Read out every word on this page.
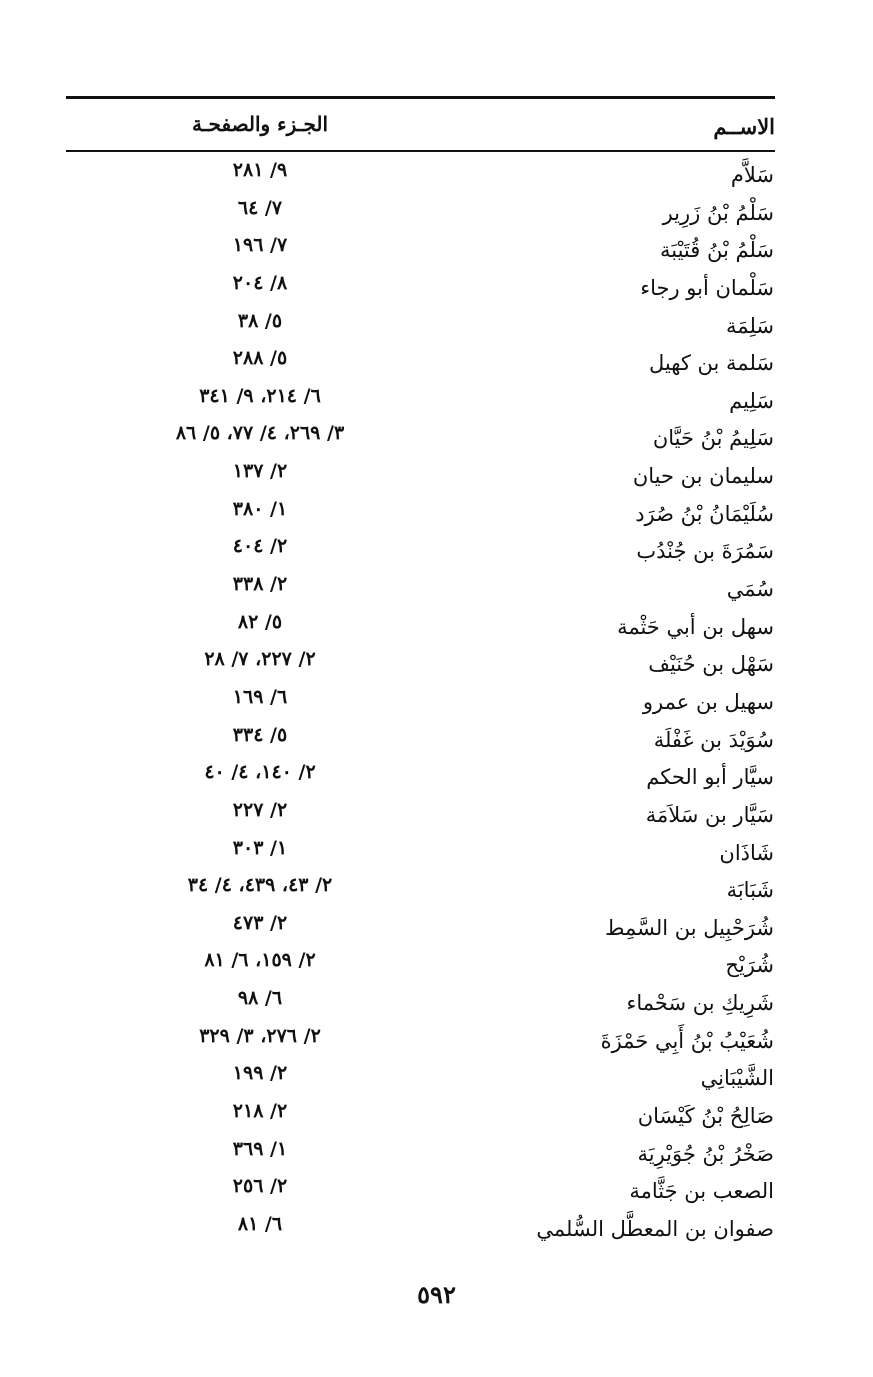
الاســم
الجـزء والصفحـة
سَلاَّم
٩/ ٢٨١
سَلْمُ بْنُ زَرِير
٧/ ٦٤
سَلْمُ بْنُ قُتَيْبَة
٧/ ١٩٦
سَلْمان أبو رجاء
٨/ ٢٠٤
سَلِمَة
٥/ ٣٨
سَلمة بن كهيل
٥/ ٢٨٨
سَلِيم
٦/ ٢١٤، ٩/ ٣٤١
سَلِيمُ بْنُ حَيَّان
٣/ ٢٦٩، ٤/ ٧٧، ٥/ ٨٦
سليمان بن حيان
٢/ ١٣٧
سُلَيْمَانُ بْنُ صُرَد
١/ ٣٨٠
سَمُرَةَ بن جُنْدُب
٢/ ٤٠٤
سُمَي
٢/ ٣٣٨
سهل بن أبي حَثْمة
٥/ ٨٢
سَهْل بن حُنَيْف
٢/ ٢٢٧، ٧/ ٢٨
سهيل بن عمرو
٦/ ١٦٩
سُوَيْدَ بن غَفْلَة
٥/ ٣٣٤
سيَّار أبو الحكم
٢/ ١٤٠، ٤/ ٤٠
سَيَّار بن سَلاَمَة
٢/ ٢٢٧
شَاذَان
١/ ٣٠٣
شَبَابَة
٢/ ٤٣، ٤٣٩، ٤/ ٣٤
شُرَحْبِيل بن السَّمِط
٢/ ٤٧٣
شُرَيْح
٢/ ١٥٩، ٦/ ٨١
شَرِيكِ بن سَحْماء
٦/ ٩٨
شُعَيْبُ بْنُ أَبِي حَمْزَةَ
٢/ ٢٧٦، ٣/ ٣٢٩
الشَّيْبَانِي
٢/ ١٩٩
صَالِحُ بْنُ كَيْسَان
٢/ ٢١٨
صَخْرُ بْنُ جُوَيْرِيَة
١/ ٣٦٩
الصعب بن جَثَّامة
٢/ ٢٥٦
صفوان بن المعطَّل السُّلمي
٦/ ٨١
٥٩٢
